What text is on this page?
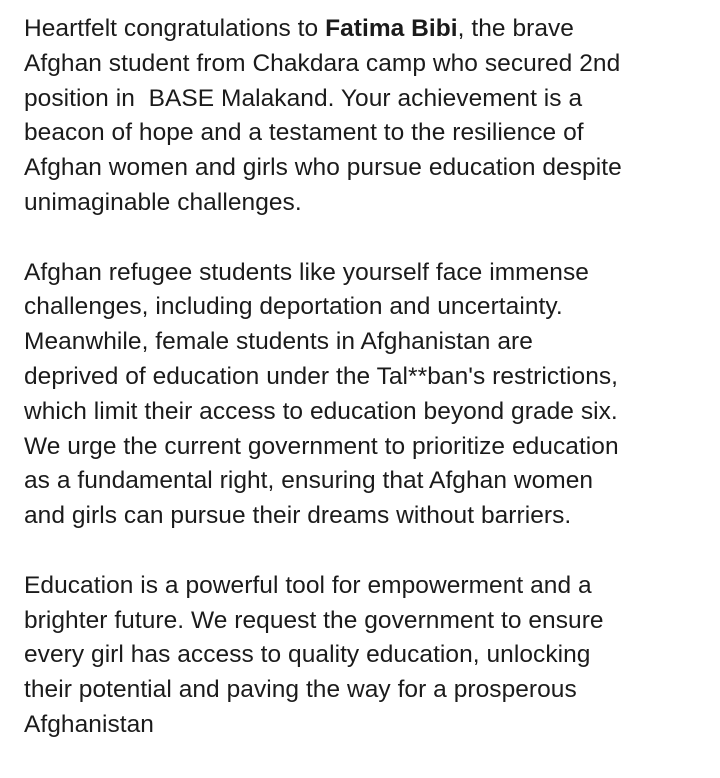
Heartfelt congratulations to Fatima Bibi, the brave
Afghan student from Chakdara camp who secured 2nd
position in  BASE Malakand. Your achievement is a
beacon of hope and a testament to the resilience of
Afghan women and girls who pursue education despite
unimaginable challenges.

Afghan refugee students like yourself face immense
challenges, including deportation and uncertainty.
Meanwhile, female students in Afghanistan are
deprived of education under the Tal**ban's restrictions,
which limit their access to education beyond grade six.
We urge the current government to prioritize education
as a fundamental right, ensuring that Afghan women
and girls can pursue their dreams without barriers.

Education is a powerful tool for empowerment and a
brighter future. We request the government to ensure
every girl has access to quality education, unlocking
their potential and paving the way for a prosperous
Afghanistan
